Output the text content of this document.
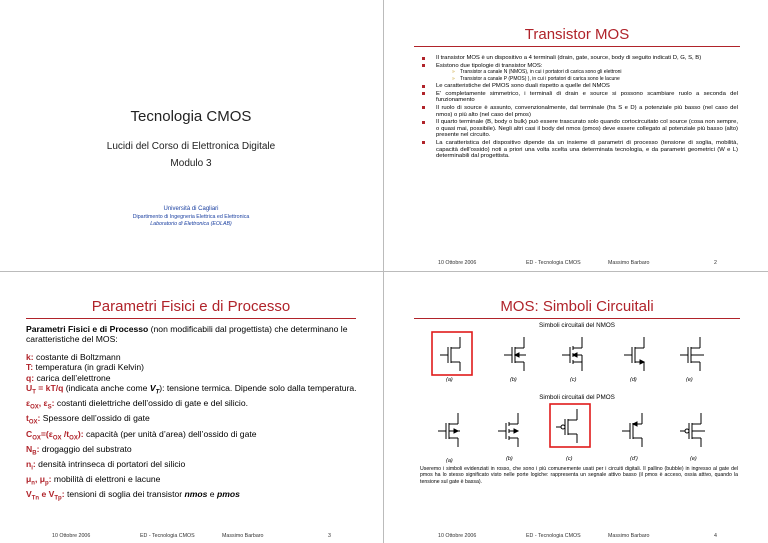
Tecnologia CMOS
Lucidi del Corso di Elettronica Digitale
Modulo 3
Università di Cagliari
Dipartimento di Ingegneria Elettrica ed Elettronica
Laboratorio di Elettronica (EOLAB)
Transistor MOS
Il transistor MOS è un dispositivo a 4 terminali (drain, gate, source, body di seguito indicati D, G, S, B)
Esistono due tipologie di transistor MOS:
» Transistor a canale N (NMOS), in cui i portatori di carica sono gli elettroni
» Transistor a canale P (PMOS) ), in cui i portatori di carica sono le lacune
Le caratteristiche del PMOS sono duali rispetto a quelle del NMOS
E' completamente simmetrico, i terminali di drain e source si possono scambiare ruolo a seconda del funzionamento
Il ruolo di source è assunto, convenzionalmente, dal terminale (fra S e D) a potenziale più basso (nel caso del nmos) o più alto (nel caso del pmos)
Il quarto terminale (B, body o bulk) può essere trascurato solo quando cortocircuitato col source (cosa non sempre, o quasi mai, possibile). Negli altri casi il body del nmos (pmos) deve essere collegato al potenziale più basso (alto) presente nel circuito.
La caratteristica del dispositivo dipende da un insieme di parametri di processo (tensione di soglia, mobilità, capacità dell'ossido) noti a priori una volta scelta una determinata tecnologia, e da parametri geometrici (W e L) determinabili dal progettista.
10 Ottobre 2006	ED - Tecnologia CMOS	Massimo Barbaro	2
Parametri Fisici e di Processo
Parametri Fisici e di Processo (non modificabili dal progettista) che determinano le caratteristiche del MOS:
k: costante di Boltzmann
T: temperatura (in gradi Kelvin)
q: carica dell’elettrone
$U_T = kT/q$ (indicata anche come $V_T$): tensione termica. Dipende solo dalla temperatura.
$\varepsilon_{OX}$, $\varepsilon_S$: costanti dielettriche dell’ossido di gate e del silicio.
$t_{OX}$: Spessore dell’ossido di gate
$C_{OX}=(\varepsilon_{OX}$ $/t_{OX}$): capacità (per unità d’area) dell’ossido di gate
$N_B$: drogaggio del substrato
$n_i$: densità intrinseca di portatori del silicio
$\mu_n$, $\mu_p$: mobilità di elettroni e lacune
$V_{Tn}$ e $V_{Tp}$: tensioni di soglia dei transistor nmos e pmos
10 Ottobre 2006	ED - Tecnologia CMOS	Massimo Barbaro	3
MOS: Simboli Circuitali
Simboli circuitali del NMOS
(a)	(b)	(c)	(d)	(e)
Simboli circuitali del PMOS
(a)	(b)	(c)	(d')	(e)
Useremo i simboli evidenziati in rosso, che sono i più comunemente usati per i circuiti digitali. Il pallino (bubble) in ingresso al gate del pmos ha lo stesso significato visto nelle porte logiche: rappresenta un segnale attivo basso (il pmos è acceso, ossia attivo, quando la tensione sul gate è bassa).
10 Ottobre 2006	ED - Tecnologia CMOS	Massimo Barbaro	4
